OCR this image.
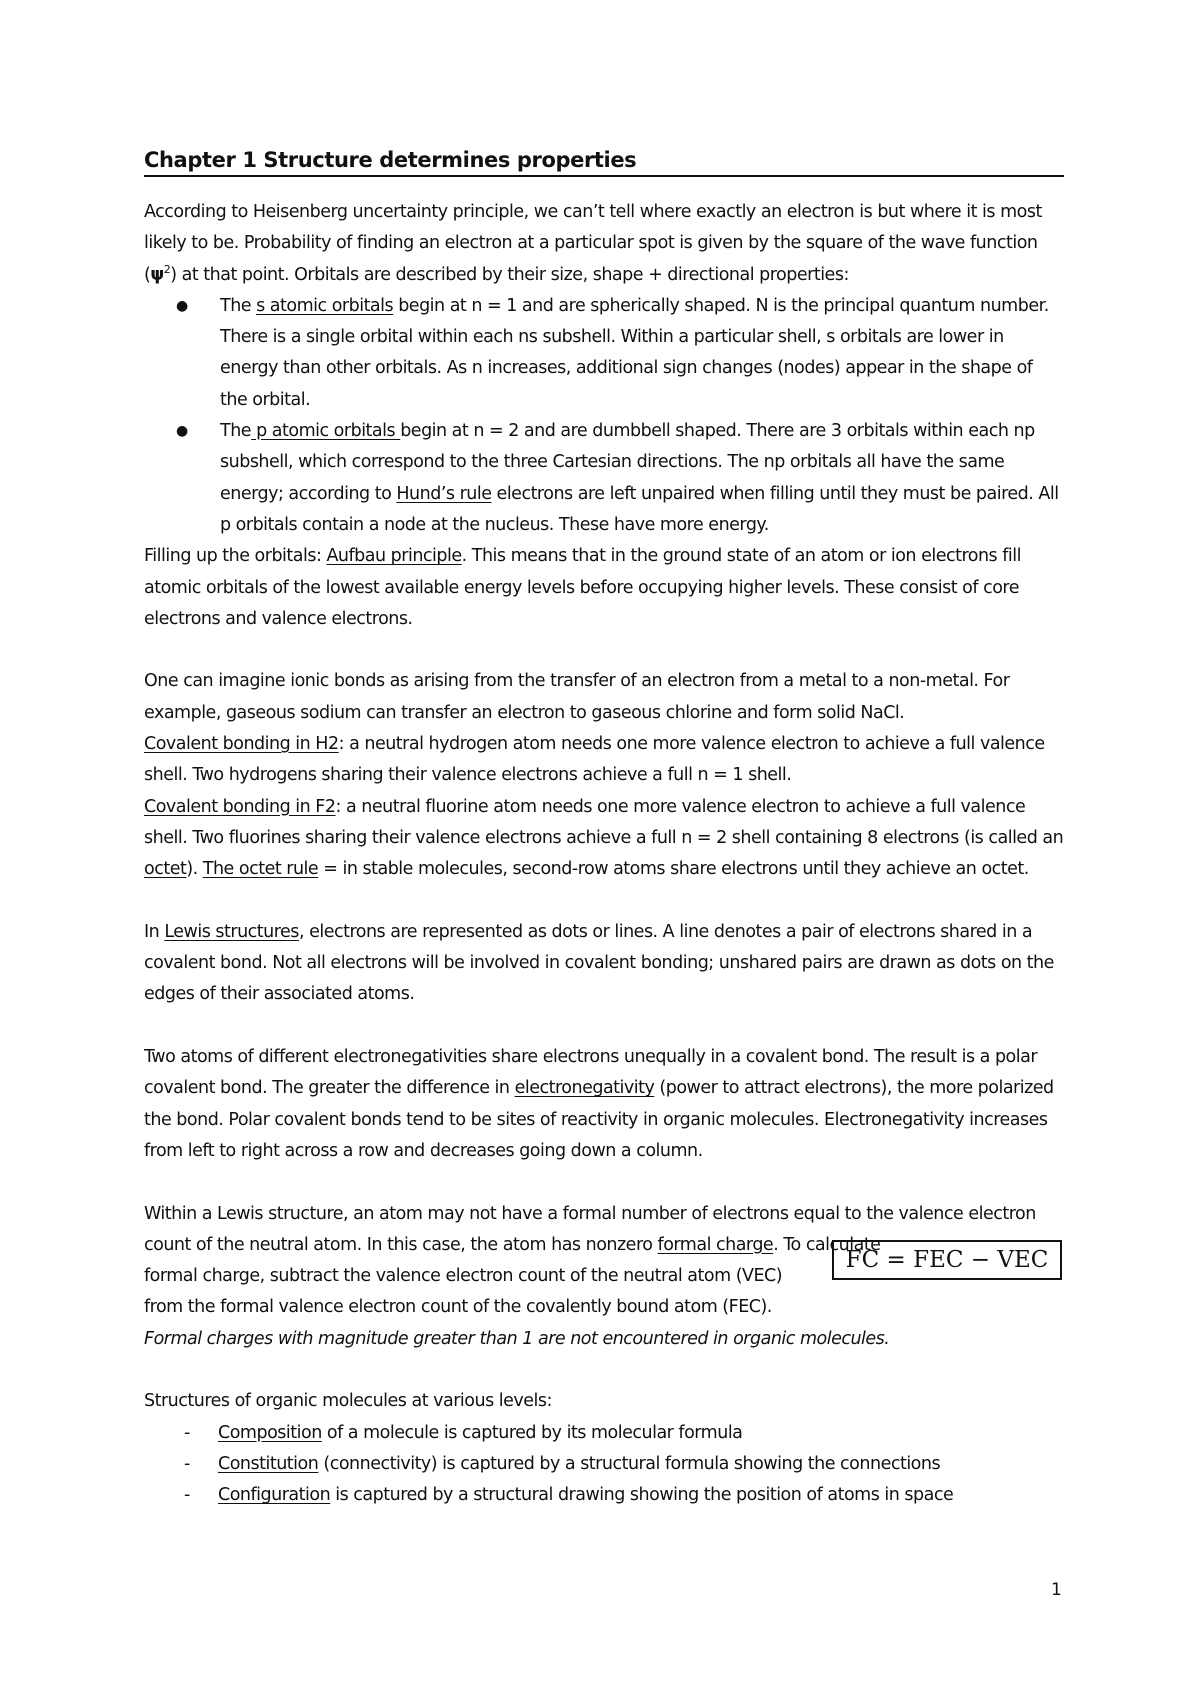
Chapter 1 Structure determines properties

According to Heisenberg uncertainty principle, we can’t tell where exactly an electron is but where it is most likely to be. Probability of finding an electron at a particular spot is given by the square of the wave function $(\psi^2)$ at that point. Orbitals are described by their size, shape + directional properties:

● The s atomic orbitals begin at n = 1 and are spherically shaped. N is the principal quantum number. There is a single orbital within each ns subshell. Within a particular shell, s orbitals are lower in energy than other orbitals. As n increases, additional sign changes (nodes) appear in the shape of the orbital.
● The p atomic orbitals begin at n = 2 and are dumbbell shaped. There are 3 orbitals within each np subshell, which correspond to the three Cartesian directions. The np orbitals all have the same energy; according to Hund’s rule electrons are left unpaired when filling until they must be paired. All p orbitals contain a node at the nucleus. These have more energy.

Filling up the orbitals: Aufbau principle. This means that in the ground state of an atom or ion electrons fill atomic orbitals of the lowest available energy levels before occupying higher levels. These consist of core electrons and valence electrons.

One can imagine ionic bonds as arising from the transfer of an electron from a metal to a non-metal. For example, gaseous sodium can transfer an electron to gaseous chlorine and form solid NaCl.

Covalent bonding in H2: a neutral hydrogen atom needs one more valence electron to achieve a full valence shell. Two hydrogens sharing their valence electrons achieve a full n = 1 shell.

Covalent bonding in F2: a neutral fluorine atom needs one more valence electron to achieve a full valence shell. Two fluorines sharing their valence electrons achieve a full n = 2 shell containing 8 electrons (is called an octet). The octet rule = in stable molecules, second-row atoms share electrons until they achieve an octet.

In Lewis structures, electrons are represented as dots or lines. A line denotes a pair of electrons shared in a covalent bond. Not all electrons will be involved in covalent bonding; unshared pairs are drawn as dots on the edges of their associated atoms.

Two atoms of different electronegativities share electrons unequally in a covalent bond. The result is a polar covalent bond. The greater the difference in electronegativity (power to attract electrons), the more polarized the bond. Polar covalent bonds tend to be sites of reactivity in organic molecules. Electronegativity increases from left to right across a row and decreases going down a column.

Within a Lewis structure, an atom may not have a formal number of electrons equal to the valence electron count of the neutral atom. In this case, the atom has nonzero formal charge. To calculate

formal charge, subtract the valence electron count of the neutral atom (VEC)

from the formal valence electron count of the covalently bound atom (FEC).

Formal charges with magnitude greater than 1 are not encountered in organic molecules.

FC = FEC − VEC

Structures of organic molecules at various levels:

- Composition of a molecule is captured by its molecular formula
- Constitution (connectivity) is captured by a structural formula showing the connections
- Configuration is captured by a structural drawing showing the position of atoms in space
1
